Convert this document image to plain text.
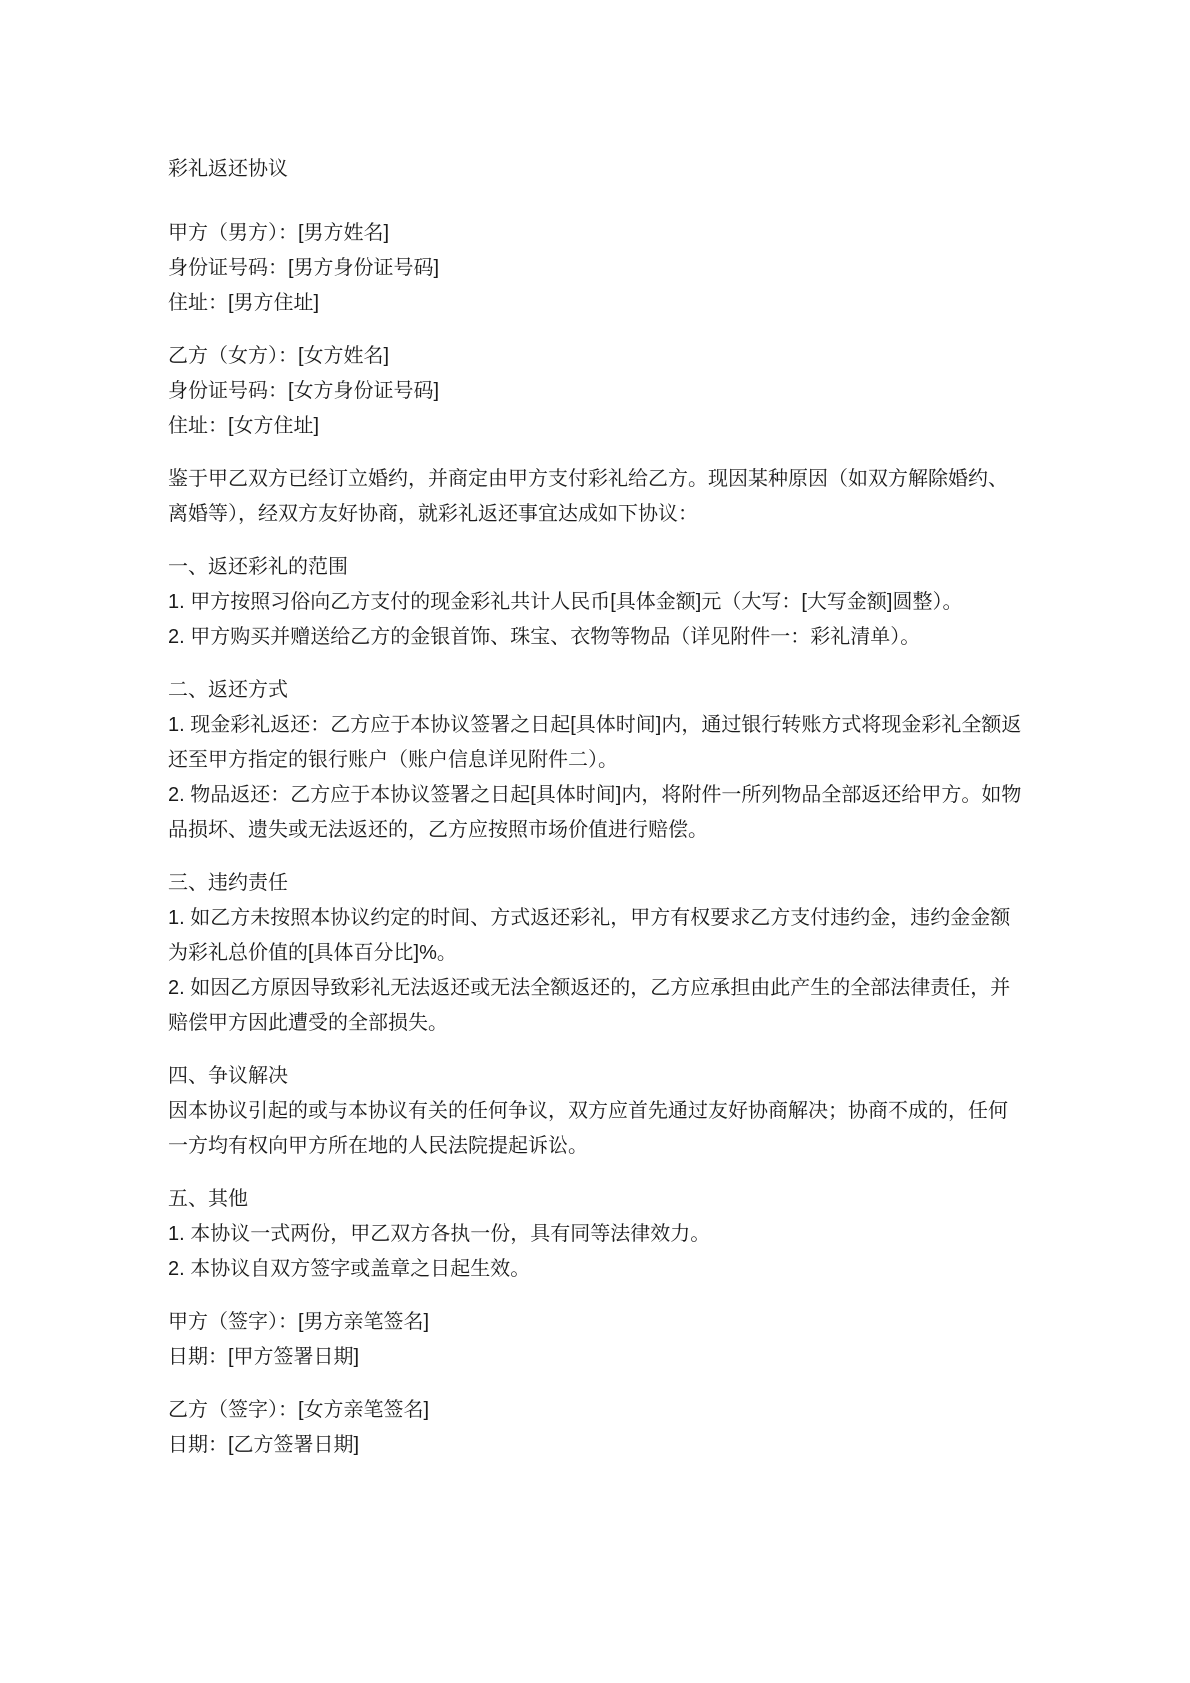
彩礼返还协议

甲方（男方）：[男方姓名]

身份证号码：[男方身份证号码]

住址：[男方住址]

乙方（女方）：[女方姓名]

身份证号码：[女方身份证号码]

住址：[女方住址]

鉴于甲乙双方已经订立婚约，并商定由甲方支付彩礼给乙方。现因某种原因（如双方解除婚约、离婚等），经双方友好协商，就彩礼返还事宜达成如下协议：

一、返还彩礼的范围

1. 甲方按照习俗向乙方支付的现金彩礼共计人民币[具体金额]元（大写：[大写金额]圆整）。

2. 甲方购买并赠送给乙方的金银首饰、珠宝、衣物等物品（详见附件一：彩礼清单）。

二、返还方式

1. 现金彩礼返还：乙方应于本协议签署之日起[具体时间]内，通过银行转账方式将现金彩礼全额返还至甲方指定的银行账户（账户信息详见附件二）。

2. 物品返还：乙方应于本协议签署之日起[具体时间]内，将附件一所列物品全部返还给甲方。如物品损坏、遗失或无法返还的，乙方应按照市场价值进行赔偿。

三、违约责任

1. 如乙方未按照本协议约定的时间、方式返还彩礼，甲方有权要求乙方支付违约金，违约金金额为彩礼总价值的[具体百分比]%。

2. 如因乙方原因导致彩礼无法返还或无法全额返还的，乙方应承担由此产生的全部法律责任，并赔偿甲方因此遭受的全部损失。

四、争议解决

因本协议引起的或与本协议有关的任何争议，双方应首先通过友好协商解决；协商不成的，任何一方均有权向甲方所在地的人民法院提起诉讼。

五、其他

1. 本协议一式两份，甲乙双方各执一份，具有同等法律效力。

2. 本协议自双方签字或盖章之日起生效。

甲方（签字）：[男方亲笔签名]

日期：[甲方签署日期]

乙方（签字）：[女方亲笔签名]

日期：[乙方签署日期]
